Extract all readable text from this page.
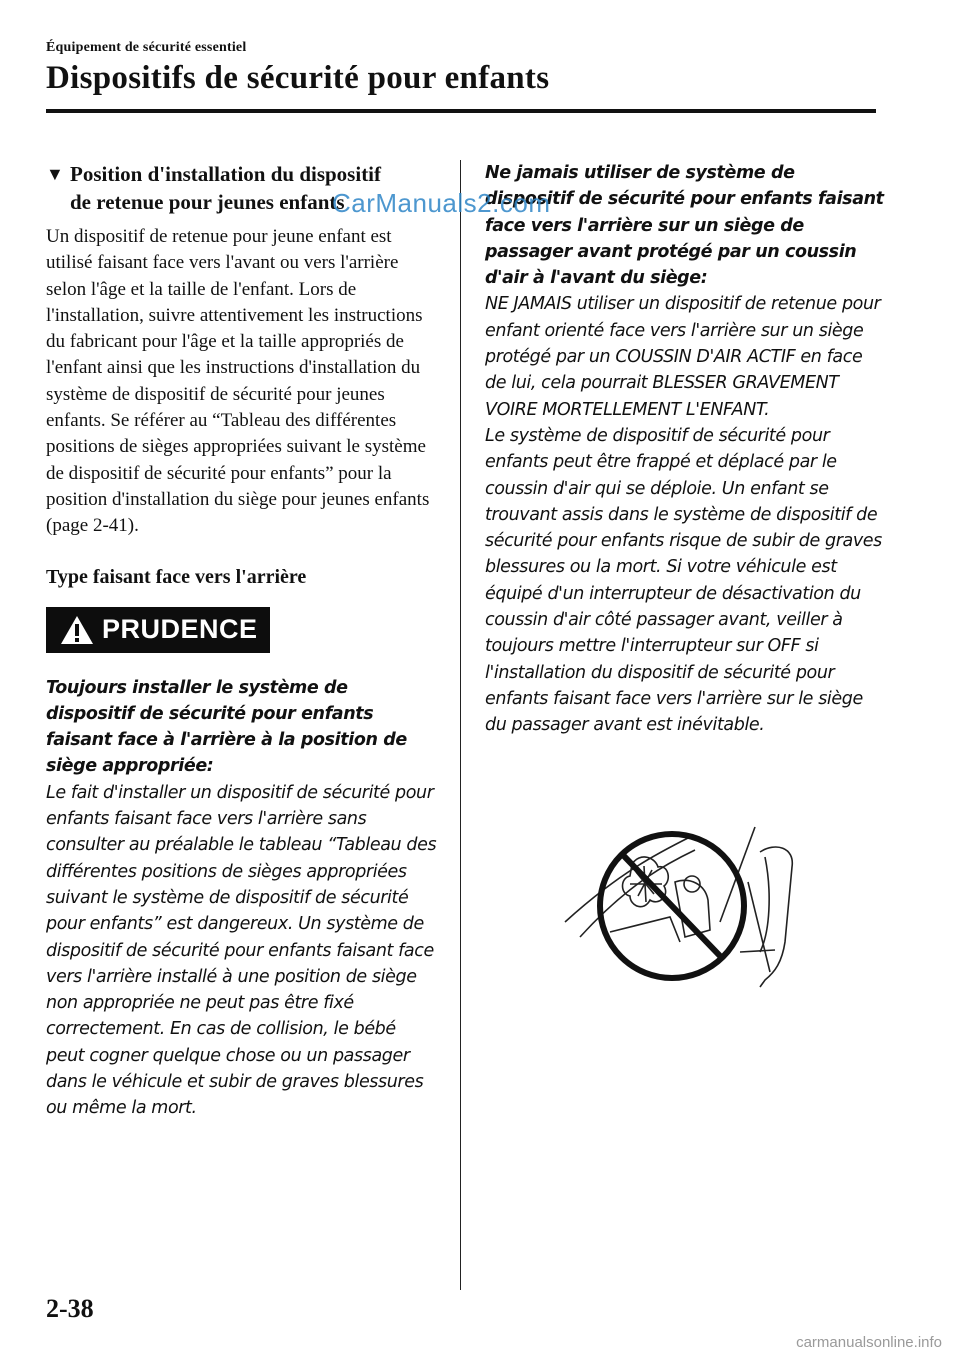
Équipement de sécurité essentiel
Dispositifs de sécurité pour enfants
▼ Position d'installation du dispositif
de retenue pour jeunes enfants

Un dispositif de retenue pour jeune enfant est utilisé faisant face vers l'avant ou vers l'arrière selon l'âge et la taille de l'enfant. Lors de l'installation, suivre attentivement les instructions du fabricant pour l'âge et la taille appropriés de l'enfant ainsi que les instructions d'installation du système de dispositif de sécurité pour jeunes enfants. Se référer au “Tableau des différentes positions de sièges appropriées suivant le système de dispositif de sécurité pour enfants” pour la position d'installation du siège pour jeunes enfants (page 2-41).

Type faisant face vers l'arrière
PRUDENCE

Toujours installer le système de dispositif de sécurité pour enfants faisant face à l'arrière à la position de siège appropriée:

Le fait d'installer un dispositif de sécurité pour enfants faisant face vers l'arrière sans consulter au préalable le tableau “Tableau des différentes positions de sièges appropriées suivant le système de dispositif de sécurité pour enfants” est dangereux. Un système de dispositif de sécurité pour enfants faisant face vers l'arrière installé à une position de siège non appropriée ne peut pas être fixé correctement. En cas de collision, le bébé peut cogner quelque chose ou un passager dans le véhicule et subir de graves blessures ou même la mort.

Ne jamais utiliser de système de dispositif de sécurité pour enfants faisant face vers l'arrière sur un siège de passager avant protégé par un coussin d'air à l'avant du siège:

NE JAMAIS utiliser un dispositif de retenue pour enfant orienté face vers l'arrière sur un siège protégé par un COUSSIN D'AIR ACTIF en face de lui, cela pourrait BLESSER GRAVEMENT VOIRE MORTELLEMENT L'ENFANT.

Le système de dispositif de sécurité pour enfants peut être frappé et déplacé par le coussin d'air qui se déploie. Un enfant se trouvant assis dans le système de dispositif de sécurité pour enfants risque de subir de graves blessures ou la mort. Si votre véhicule est équipé d'un interrupteur de désactivation du coussin d'air côté passager avant, veiller à toujours mettre l'interrupteur sur OFF si l'installation du dispositif de sécurité pour enfants faisant face vers l'arrière sur le siège du passager avant est inévitable.

CarManuals2.com
2-38
carmanualsonline.info
